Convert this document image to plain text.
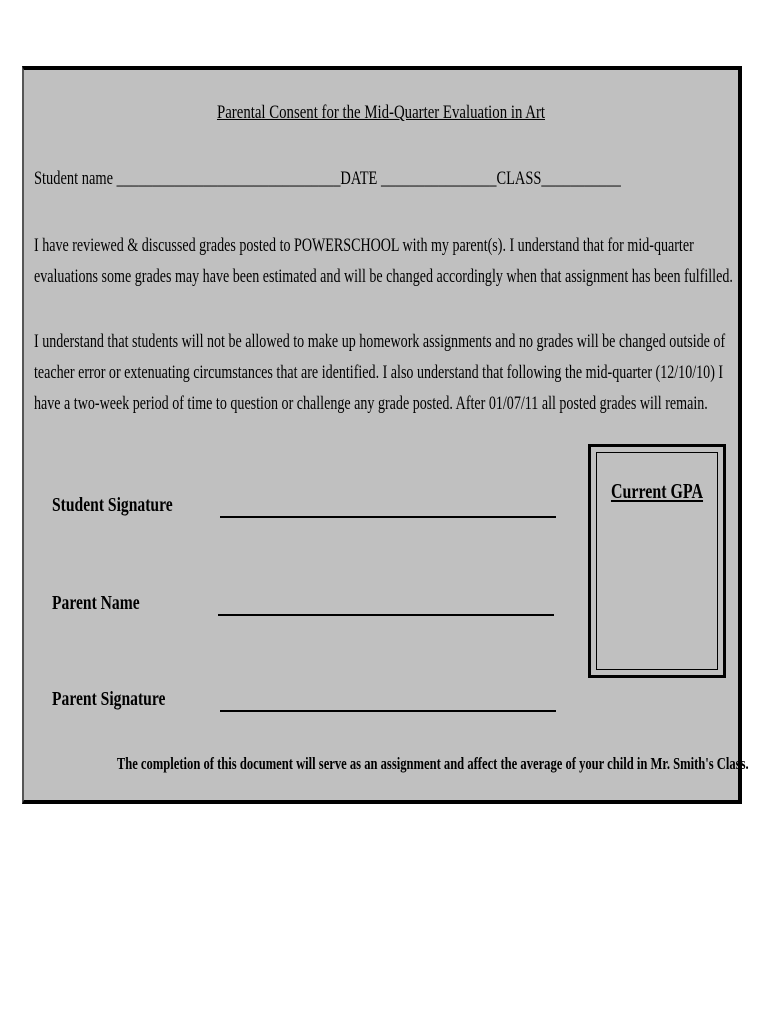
Parental Consent for the Mid-Quarter Evaluation in Art
Student name _______________________________DATE ________________CLASS___________
I have reviewed & discussed grades posted to POWERSCHOOL with my parent(s). I understand that for mid-quarter
evaluations some grades may have been estimated and will be changed accordingly when that assignment has been fulfilled.
I understand that students will not be allowed to make up homework assignments and no grades will be changed outside of
teacher error or extenuating circumstances that are identified. I also understand that following the mid-quarter (12/10/10) I
have a two-week period of time to question or challenge any grade posted. After 01/07/11 all posted grades will remain.
Student Signature
Parent Name
Parent Signature
Current GPA
The completion of this document will serve as an assignment and affect the average of your child in Mr. Smith's Class.
